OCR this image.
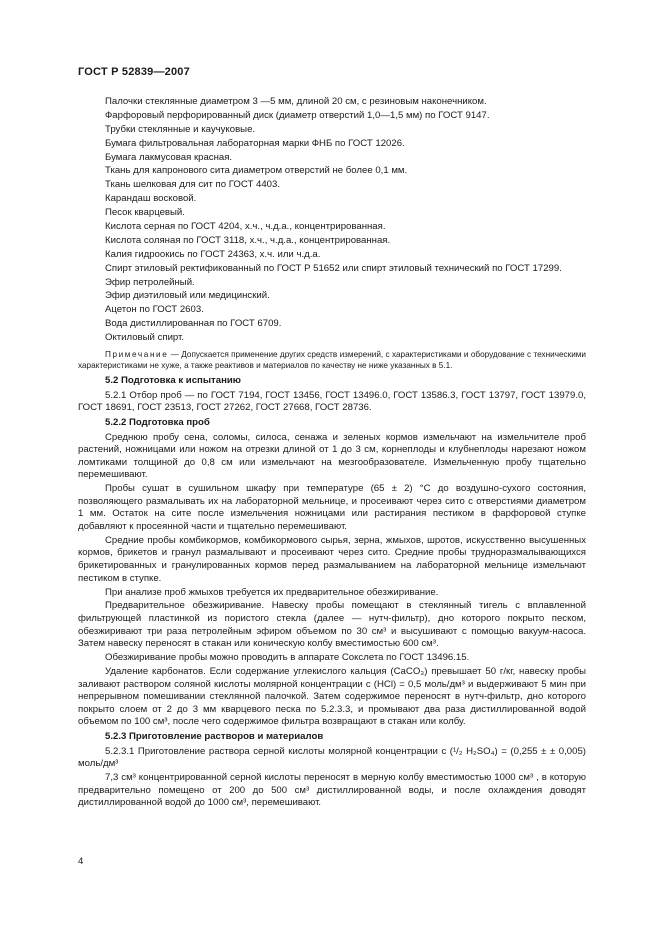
ГОСТ Р 52839—2007
Палочки стеклянные диаметром 3 —5 мм, длиной 20 см, с резиновым наконечником.
Фарфоровый перфорированный диск (диаметр отверстий 1,0—1,5 мм) по ГОСТ 9147.
Трубки стеклянные и каучуковые.
Бумага фильтровальная лабораторная марки ФНБ по ГОСТ 12026.
Бумага лакмусовая красная.
Ткань для капронового сита диаметром отверстий не более 0,1 мм.
Ткань шелковая для сит по ГОСТ 4403.
Карандаш восковой.
Песок кварцевый.
Кислота серная по ГОСТ 4204, х.ч., ч.д.а., концентрированная.
Кислота соляная по ГОСТ 3118, х.ч., ч.д.а., концентрированная.
Калия гидроокись по ГОСТ 24363, х.ч. или ч.д.а.
Спирт этиловый ректификованный по ГОСТ Р 51652 или спирт этиловый технический по ГОСТ 17299.
Эфир петролейный.
Эфир диэтиловый или медицинский.
Ацетон по ГОСТ 2603.
Вода дистиллированная по ГОСТ 6709.
Октиловый спирт.
Примечание — Допускается применение других средств измерений, с характеристиками и оборудование с техническими характеристиками не хуже, а также реактивов и материалов по качеству не ниже указанных в 5.1.
5.2 Подготовка к испытанию
5.2.1 Отбор проб — по ГОСТ 7194, ГОСТ 13456, ГОСТ 13496.0, ГОСТ 13586.3, ГОСТ 13797, ГОСТ 13979.0, ГОСТ 18691, ГОСТ 23513, ГОСТ 27262, ГОСТ 27668, ГОСТ 28736.
5.2.2 Подготовка проб
Среднюю пробу сена, соломы, силоса, сенажа и зеленых кормов измельчают на измельчителе проб растений, ножницами или ножом на отрезки длиной от 1 до 3 см, корнеплоды и клубнеплоды нарезают ножом ломтиками толщиной до 0,8 см или измельчают на мезгообразователе. Измельченную пробу тщательно перемешивают.
Пробы сушат в сушильном шкафу при температуре (65 ± 2) °С до воздушно-сухого состояния, позволяющего размалывать их на лабораторной мельнице, и просеивают через сито с отверстиями диаметром 1 мм. Остаток на сите после измельчения ножницами или растирания пестиком в фарфоровой ступке добавляют к просеянной части и тщательно перемешивают.
Средние пробы комбикормов, комбикормового сырья, зерна, жмыхов, шротов, искусственно высушенных кормов, брикетов и гранул размалывают и просеивают через сито. Средние пробы трудноразмалывающихся брикетированных и гранулированных кормов перед размалыванием на лабораторной мельнице измельчают пестиком в ступке.
При анализе проб жмыхов требуется их предварительное обезжиривание.
Предварительное обезжиривание. Навеску пробы помещают в стеклянный тигель с вплавленной фильтрующей пластинкой из пористого стекла (далее — нутч-фильтр), дно которого покрыто песком, обезжиривают три раза петролейным эфиром объемом по 30 см³ и высушивают с помощью вакуум-насоса. Затем навеску переносят в стакан или коническую колбу вместимостью 600 см³.
Обезжиривание пробы можно проводить в аппарате Сокслета по ГОСТ 13496.15.
Удаление карбонатов. Если содержание углекислого кальция (CaCO₃) превышает 50 г/кг, навеску пробы заливают раствором соляной кислоты молярной концентрации c (HCl) = 0,5 моль/дм³ и выдерживают 5 мин при непрерывном помешивании стеклянной палочкой. Затем содержимое переносят в нутч-фильтр, дно которого покрыто слоем от 2 до 3 мм кварцевого песка по 5.2.3.3, и промывают два раза дистиллированной водой объемом по 100 см³, после чего содержимое фильтра возвращают в стакан или колбу.
5.2.3 Приготовление растворов и материалов
5.2.3.1 Приготовление раствора серной кислоты молярной концентрации c (¹/₂ H₂SO₄) = (0,255 ± ± 0,005) моль/дм³
7,3 см³ концентрированной серной кислоты переносят в мерную колбу вместимостью 1000 см³ , в которую предварительно помещено от 200 до 500 см³ дистиллированной воды, и после охлаждения доводят дистиллированной водой до 1000 см³, перемешивают.
4
